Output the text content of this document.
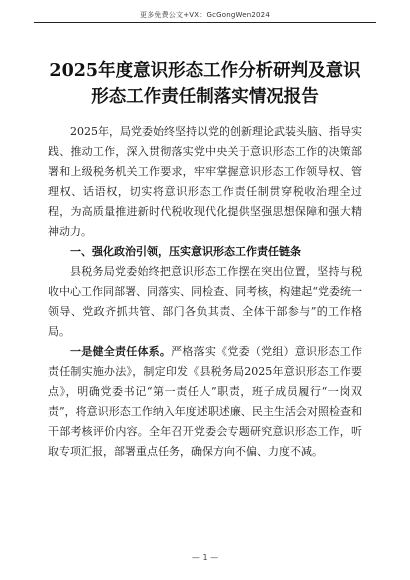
更多免费公文+VX：GcGongWen2024
2025年度意识形态工作分析研判及意识
形态工作责任制落实情况报告

2025年，局党委始终坚持以党的创新理论武装头脑、指导实践、推动工作，深入贯彻落实党中央关于意识形态工作的决策部署和上级税务机关工作要求，牢牢掌握意识形态工作领导权、管理权、话语权，切实将意识形态工作责任制贯穿税收治理全过程，为高质量推进新时代税收现代化提供坚强思想保障和强大精神动力。

一、强化政治引领，压实意识形态工作责任链条

县税务局党委始终把意识形态工作摆在突出位置，坚持与税收中心工作同部署、同落实、同检查、同考核，构建起“党委统一领导、党政齐抓共管、部门各负其责、全体干部参与”的工作格局。

一是健全责任体系。严格落实《党委（党组）意识形态工作责任制实施办法》，制定印发《县税务局2025年意识形态工作要点》，明确党委书记“第一责任人”职责，班子成员履行“一岗双责”，将意识形态工作纳入年度述职述廉、民主生活会对照检查和干部考核评价内容。全年召开党委会专题研究意识形态工作，听取专项汇报，部署重点任务，确保方向不偏、力度不减。

— 1 —
